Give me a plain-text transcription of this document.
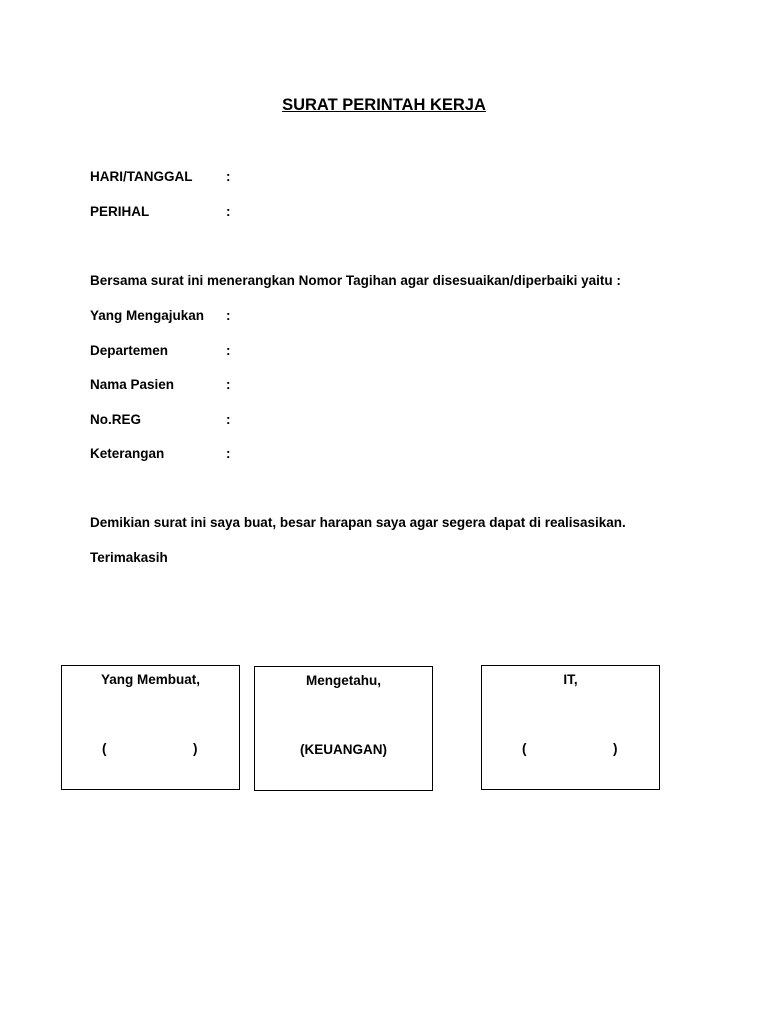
SURAT PERINTAH KERJA
HARI/TANGGAL :
PERIHAL	:
Bersama surat ini menerangkan Nomor Tagihan agar disesuaikan/diperbaiki yaitu :
Yang Mengajukan :
Departemen	:
Nama Pasien	:
No.REG	:
Keterangan	:
Demikian surat ini saya buat, besar harapan saya agar segera dapat di realisasikan.
Terimakasih
Yang Membuat,
(	)
Mengetahu,
(KEUANGAN)
IT,
(	)
